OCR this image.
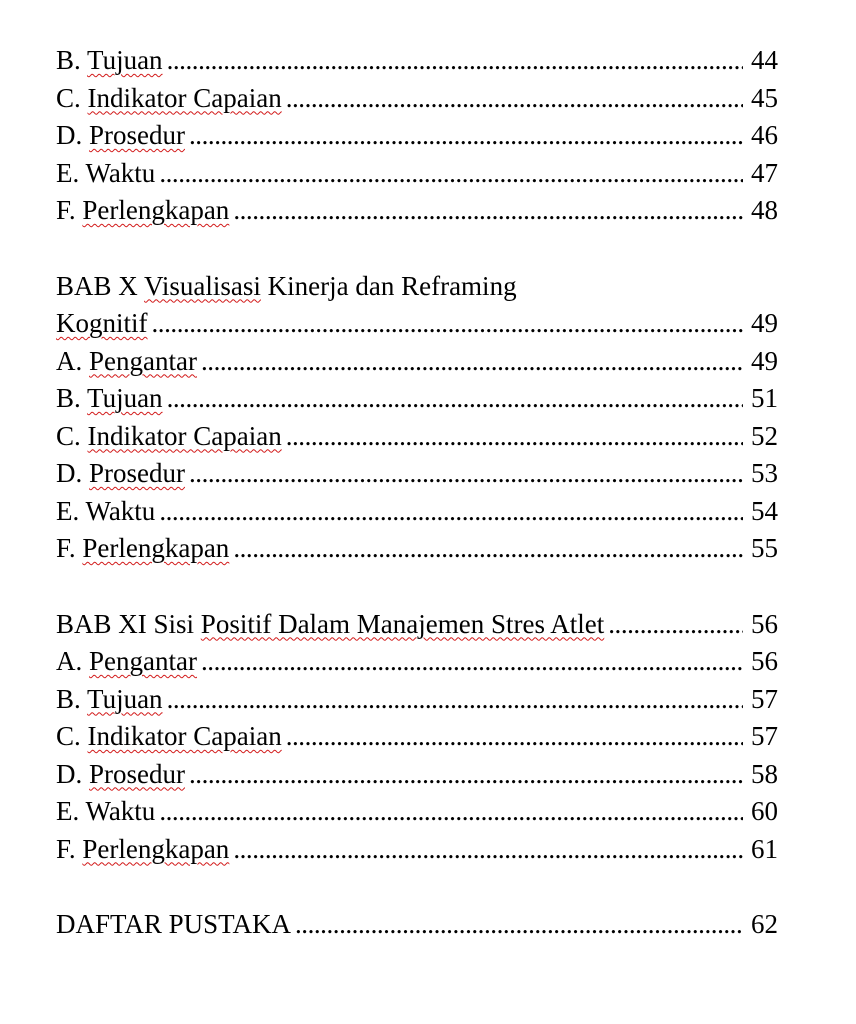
B. Tujuan . . .	44
C. Indikator Capaian . . .	45
D. Prosedur . . .	46
E. Waktu . . .	47
F. Perlengkapan . . .	48
BAB X Visualisasi Kinerja dan Reframing
Kognitif . . .	49
A. Pengantar . . .	49
B. Tujuan . . .	51
C. Indikator Capaian . . .	52
D. Prosedur . . .	53
E. Waktu . . .	54
F. Perlengkapan . . .	55
BAB XI Sisi Positif Dalam Manajemen Stres Atlet . . .	56
A. Pengantar . . .	56
B. Tujuan . . .	57
C. Indikator Capaian . . .	57
D. Prosedur . . .	58
E. Waktu . . .	60
F. Perlengkapan . . .	61
DAFTAR PUSTAKA . . .	62
